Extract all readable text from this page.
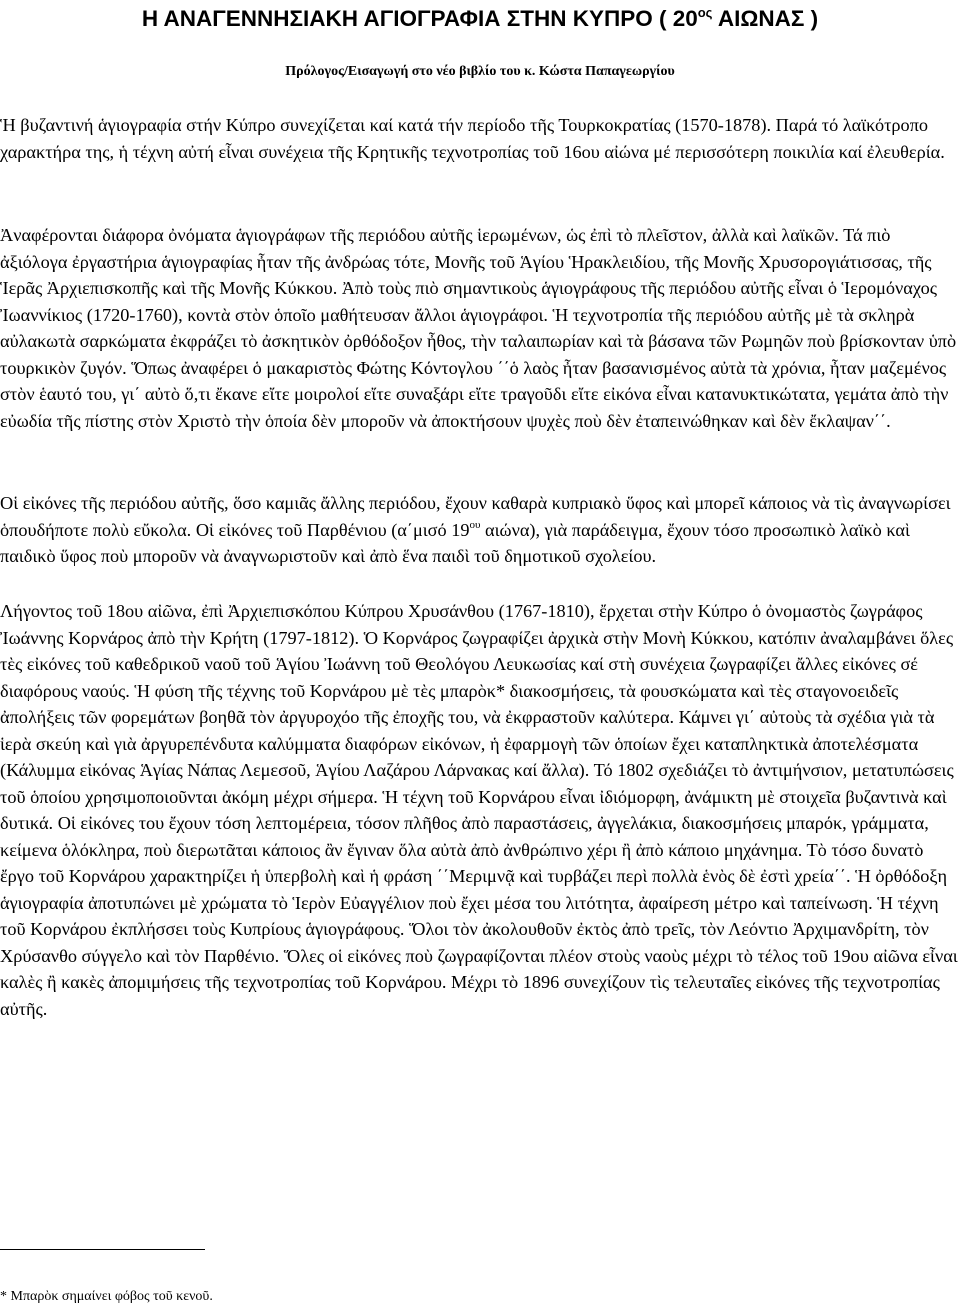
Η ΑΝΑΓΕΝΝΗΣΙΑΚΗ ΑΓΙΟΓΡΑΦΙΑ ΣΤΗΝ ΚΥΠΡΟ ( $20^{o\varsigma}$ ΑΙΩΝΑΣ )

Πρόλογος/Εισαγωγή στο νέο βιβλίο του κ. Κώστα Παπαγεωργίου

Ἡ βυζαντινή ἁγιογραφία στήν Κύπρο συνεχίζεται καί κατά τήν περίοδο τῆς Τουρκοκρατίας (1570-1878). Παρά τό λαϊκότροπο χαρακτήρα της, ἡ τέχνη αὐτή εἶναι συνέχεια τῆς Κρητικῆς τεχνοτροπίας τοῦ 16ου αἰώνα μέ περισσότερη ποικιλία καί ἐλευθερία.

Ἀναφέρονται διάφορα ὀνόματα ἁγιογράφων τῆς περιόδου αὐτῆς ἱερωμένων, ὡς ἐπὶ τὸ πλεῖστον, ἀλλὰ καὶ λαϊκῶν. Τά πιὸ ἀξιόλογα ἐργαστήρια ἁγιογραφίας ἦταν τῆς ἀνδρώας τότε, Μονῆς τοῦ Ἁγίου Ἡρακλειδίου, τῆς Μονῆς Χρυσορογιάτισσας, τῆς Ἱερᾶς Ἀρχιεπισκοπῆς καὶ τῆς Μονῆς Κύκκου. Ἀπὸ τοὺς πιὸ σημαντικοὺς ἁγιογράφους τῆς περιόδου αὐτῆς εἶναι ὁ Ἱερομόναχος Ἰωαννίκιος (1720-1760), κοντὰ στὸν ὁποῖο μαθήτευσαν ἄλλοι ἁγιογράφοι. Ἡ τεχνοτροπία τῆς περιόδου αὐτῆς μὲ τὰ σκληρὰ αὐλακωτὰ σαρκώματα ἐκφράζει τὸ ἀσκητικὸν ὀρθόδοξον ἦθος, τὴν ταλαιπωρίαν καὶ τὰ βάσανα τῶν Ρωμηῶν ποὺ βρίσκονταν ὑπὸ τουρκικὸν ζυγόν. Ὅπως ἀναφέρει ὁ μακαριστὸς Φώτης Κόντογλου ΄΄ὁ λαὸς ἦταν βασανισμένος αὐτὰ τὰ χρόνια, ἦταν μαζεμένος στὸν ἑαυτό του, γι΄ αὐτὸ ὅ,τι ἔκανε εἴτε μοιρολοί εἴτε συναξάρι εἴτε τραγοῦδι εἴτε εἰκόνα εἶναι κατανυκτικώτατα, γεμάτα ἀπὸ τὴν εὐωδία τῆς πίστης στὸν Χριστὸ τὴν ὁποία δὲν μποροῦν νὰ ἀποκτήσουν ψυχὲς ποὺ δὲν ἐταπεινώθηκαν καὶ δὲν ἔκλαψαν΄΄.

Οἱ εἰκόνες τῆς περιόδου αὐτῆς, ὅσο καμιᾶς ἄλλης περιόδου, ἔχουν καθαρὰ κυπριακὸ ὕφος καὶ μπορεῖ κάποιος νὰ τὶς ἀναγνωρίσει ὁπουδήποτε πολὺ εὔκολα. Οἱ εἰκόνες τοῦ Παρθένιου (α΄μισό $19^{o\upsilon}$ αιώνα), γιὰ παράδειγμα, ἔχουν τόσο προσωπικὸ λαϊκὸ καὶ παιδικὸ ὕφος ποὺ μποροῦν νὰ ἀναγνωριστοῦν καὶ ἀπὸ ἕνα παιδὶ τοῦ δημοτικοῦ σχολείου.

Λήγοντος τοῦ 18ου αἰῶνα, ἐπὶ Ἀρχιεπισκόπου Κύπρου Χρυσάνθου (1767-1810), ἔρχεται στὴν Κύπρο ὁ ὀνομαστὸς ζωγράφος Ἰωάννης Κορνάρος ἀπὸ τὴν Κρήτη (1797-1812). Ὁ Κορνάρος ζωγραφίζει ἀρχικὰ στὴν Μονὴ Κύκκου, κατόπιν ἀναλαμβάνει ὅλες τὲς εἰκόνες τοῦ καθεδρικοῦ ναοῦ τοῦ Ἁγίου Ἰωάννη τοῦ Θεολόγου Λευκωσίας καί στὴ συνέχεια ζωγραφίζει ἄλλες εἰκόνες σέ διαφόρους ναούς. Ἡ φύση τῆς τέχνης τοῦ Κορνάρου μὲ τὲς μπαρὸκ* διακοσμήσεις, τὰ φουσκώματα καὶ τὲς σταγονοειδεῖς ἀπολήξεις τῶν φορεμάτων βοηθᾶ τὸν ἀργυροχόο τῆς ἐποχῆς του, νὰ ἐκφραστοῦν καλύτερα. Κάμνει γι΄ αὐτοὺς τὰ σχέδια γιὰ τὰ ἱερὰ σκεύη καὶ γιὰ ἀργυρεπένδυτα καλύμματα διαφόρων εἰκόνων, ἡ ἐφαρμογὴ τῶν ὁποίων ἔχει καταπληκτικὰ ἀποτελέσματα (Κάλυμμα εἰκόνας Ἁγίας Νάπας Λεμεσοῦ, Ἁγίου Λαζάρου Λάρνακας καί ἄλλα). Τό 1802 σχεδιάζει τὸ ἀντιμήνσιον, μετατυπώσεις τοῦ ὁποίου χρησιμοποιοῦνται ἀκόμη μέχρι σήμερα. Ἡ τέχνη τοῦ Κορνάρου εἶναι ἰδιόμορφη, ἀνάμικτη μὲ στοιχεῖα βυζαντινὰ καὶ δυτικά. Οἱ εἰκόνες του ἔχουν τόση λεπτομέρεια, τόσον πλῆθος ἀπὸ παραστάσεις, ἀγγελάκια, διακοσμήσεις μπαρόκ, γράμματα, κείμενα ὁλόκληρα, ποὺ διερωτᾶται κάποιος ἂν ἔγιναν ὅλα αὐτὰ ἀπὸ ἀνθρώπινο χέρι ἢ ἀπὸ κάποιο μηχάνημα. Τὸ τόσο δυνατὸ ἔργο τοῦ Κορνάρου χαρακτηρίζει ἡ ὑπερβολὴ καὶ ἡ φράση ΄΄Μεριμνᾷ καὶ τυρβάζει περὶ πολλὰ ἑνὸς δὲ ἐστὶ χρεία΄΄. Ἡ ὀρθόδοξη ἁγιογραφία ἀποτυπώνει μὲ χρώματα τὸ Ἱερὸν Εὐαγγέλιον ποὺ ἔχει μέσα του λιτότητα, ἀφαίρεση μέτρο καὶ ταπείνωση. Ἡ τέχνη τοῦ Κορνάρου ἐκπλήσσει τοὺς Κυπρίους ἁγιογράφους. Ὅλοι τὸν ἀκολουθοῦν ἐκτὸς ἀπὸ τρεῖς, τὸν Λεόντιο Ἀρχιμανδρίτη, τὸν Χρύσανθο σύγγελο καὶ τὸν Παρθένιο. Ὅλες οἱ εἰκόνες ποὺ ζωγραφίζονται πλέον στοὺς ναοὺς μέχρι τὸ τέλος τοῦ 19ου αἰῶνα εἶναι καλὲς ἢ κακὲς ἀπομιμήσεις τῆς τεχνοτροπίας τοῦ Κορνάρου. Μέχρι τὸ 1896 συνεχίζουν τὶς τελευταῖες εἰκόνες τῆς τεχνοτροπίας αὐτῆς.

* Μπαρὸκ σημαίνει φόβος τοῦ κενοῦ.
